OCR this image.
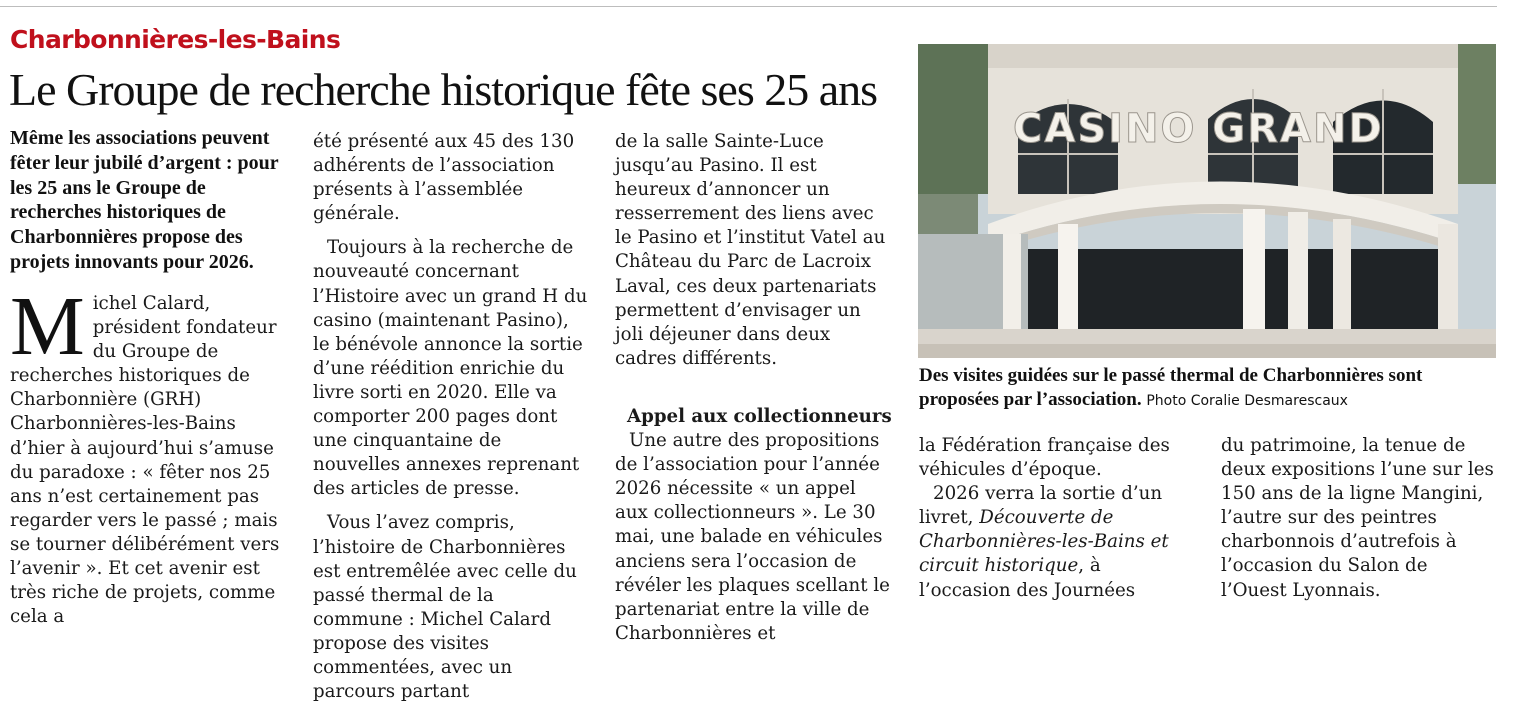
Charbonnières-les-Bains
Le Groupe de recherche historique fête ses 25 ans
Même les associations peuvent fêter leur jubilé d’argent : pour les 25 ans le Groupe de recherches historiques de Charbonnières propose des projets innovants pour 2026.
M ichel Calard, président fondateur du Groupe de recherches historiques de Charbonnière (GRH) Charbonnières-les-Bains d’hier à aujourd’hui s’amuse du paradoxe : « fêter nos 25 ans n’est certainement pas regarder vers le passé ; mais se tourner délibérément vers l’avenir ». Et cet avenir est très riche de projets, comme cela a

été présenté aux 45 des 130 adhérents de l’association présents à l’assemblée générale.

Toujours à la recherche de nouveauté concernant l’Histoire avec un grand H du casino (maintenant Pasino), le bénévole annonce la sortie d’une réédition enrichie du livre sorti en 2020. Elle va comporter 200 pages dont une cinquantaine de nouvelles annexes reprenant des articles de presse.

Vous l’avez compris, l’histoire de Charbonnières est entremêlée avec celle du passé thermal de la commune : Michel Calard propose des visites commentées, avec un parcours partant

de la salle Sainte-Luce jusqu’au Pasino. Il est heureux d’annoncer un resserrement des liens avec le Pasino et l’institut Vatel au Château du Parc de Lacroix Laval, ces deux partenariats permettent d’envisager un joli déjeuner dans deux cadres différents.

Appel aux collectionneurs

Une autre des propositions de l’association pour l’année 2026 nécessite « un appel aux collectionneurs ». Le 30 mai, une balade en véhicules anciens sera l’occasion de révéler les plaques scellant le partenariat entre la ville de Charbonnières et

CASINO GRAND
Des visites guidées sur le passé thermal de Charbonnières sont proposées par l’association. Photo Coralie Desmarescaux

la Fédération française des véhicules d’époque.

2026 verra la sortie d’un livret, Découverte de Charbonnières-les-Bains et circuit historique, à l’occasion des Journées

du patrimoine, la tenue de deux expositions l’une sur les 150 ans de la ligne Mangini, l’autre sur des peintres charbonnois d’autrefois à l’occasion du Salon de l’Ouest Lyonnais.
